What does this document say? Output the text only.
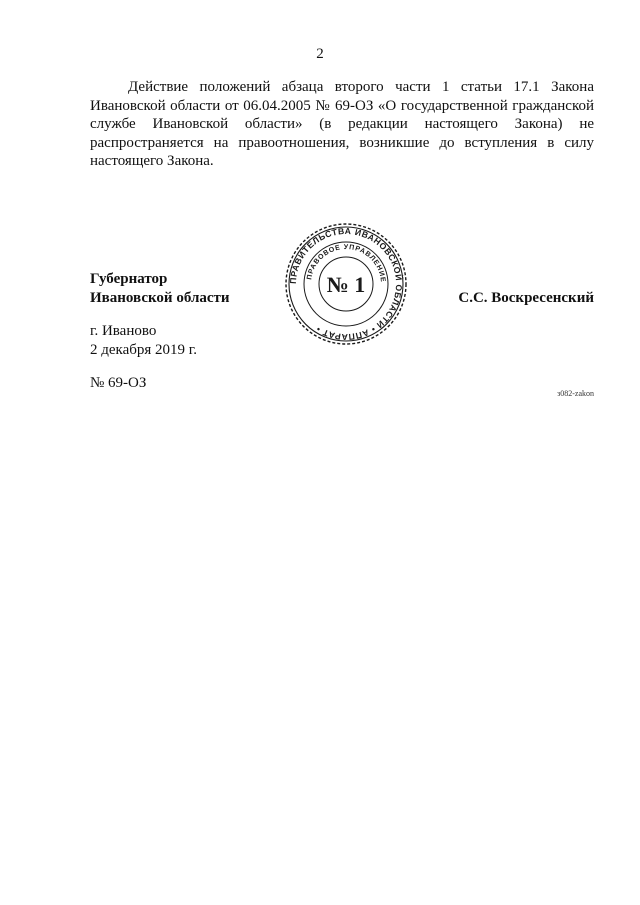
2

Действие положений абзаца второго части 1 статьи 17.1 Закона Ивановской области от 06.04.2005 № 69-ОЗ «О государственной гражданской службе Ивановской области» (в редакции настоящего Закона) не распространяется на правоотношения, возникшие до вступления в силу настоящего Закона.

Губернатор
Ивановской области	С.С. Воскресенский
ПРАВИТЕЛЬСТВА ИВАНОВСКОЙ ОБЛАСТИ • АППАРАТ •
ПРАВОВОЕ УПРАВЛЕНИЕ
№ 1
г. Иваново
2 декабря 2019 г.
№ 69-ОЗ
з082-zakon
